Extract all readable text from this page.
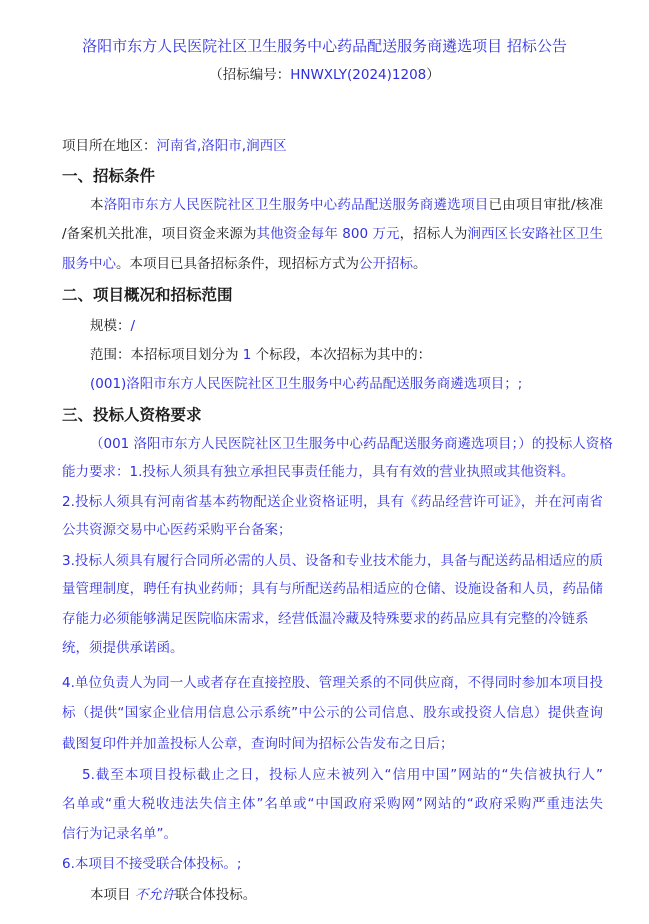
洛阳市东方人民医院社区卫生服务中心药品配送服务商遴选项目 招标公告
（招标编号：HNWXLY(2024)1208）
项目所在地区：河南省,洛阳市,涧西区
一、招标条件
本洛阳市东方人民医院社区卫生服务中心药品配送服务商遴选项目已由项目审批/核准
/备案机关批准，项目资金来源为其他资金每年 800 万元，招标人为涧西区长安路社区卫生
服务中心。本项目已具备招标条件，现招标方式为公开招标。
二、项目概况和招标范围
规模：/
范围：本招标项目划分为 1 个标段，本次招标为其中的：
(001)洛阳市东方人民医院社区卫生服务中心药品配送服务商遴选项目；;
三、投标人资格要求
（001 洛阳市东方人民医院社区卫生服务中心药品配送服务商遴选项目；）的投标人资格
能力要求：1.投标人须具有独立承担民事责任能力，具有有效的营业执照或其他资料。
2.投标人须具有河南省基本药物配送企业资格证明，具有《药品经营许可证》，并在河南省
公共资源交易中心医药采购平台备案；
3.投标人须具有履行合同所必需的人员、设备和专业技术能力，具备与配送药品相适应的质
量管理制度，聘任有执业药师；具有与所配送药品相适应的仓储、设施设备和人员，药品储
存能力必须能够满足医院临床需求，经营低温冷藏及特殊要求的药品应具有完整的冷链系
统，须提供承诺函。
4.单位负责人为同一人或者存在直接控股、管理关系的不同供应商，不得同时参加本项目投
标（提供“国家企业信用信息公示系统”中公示的公司信息、股东或投资人信息）提供查询
截图复印件并加盖投标人公章，查询时间为招标公告发布之日后；
5.截至本项目投标截止之日，投标人应未被列入“信用中国”网站的“失信被执行人”
名单或“重大税收违法失信主体”名单或“中国政府采购网”网站的“政府采购严重违法失
信行为记录名单”。
6.本项目不接受联合体投标。;
本项目 不允许联合体投标。
